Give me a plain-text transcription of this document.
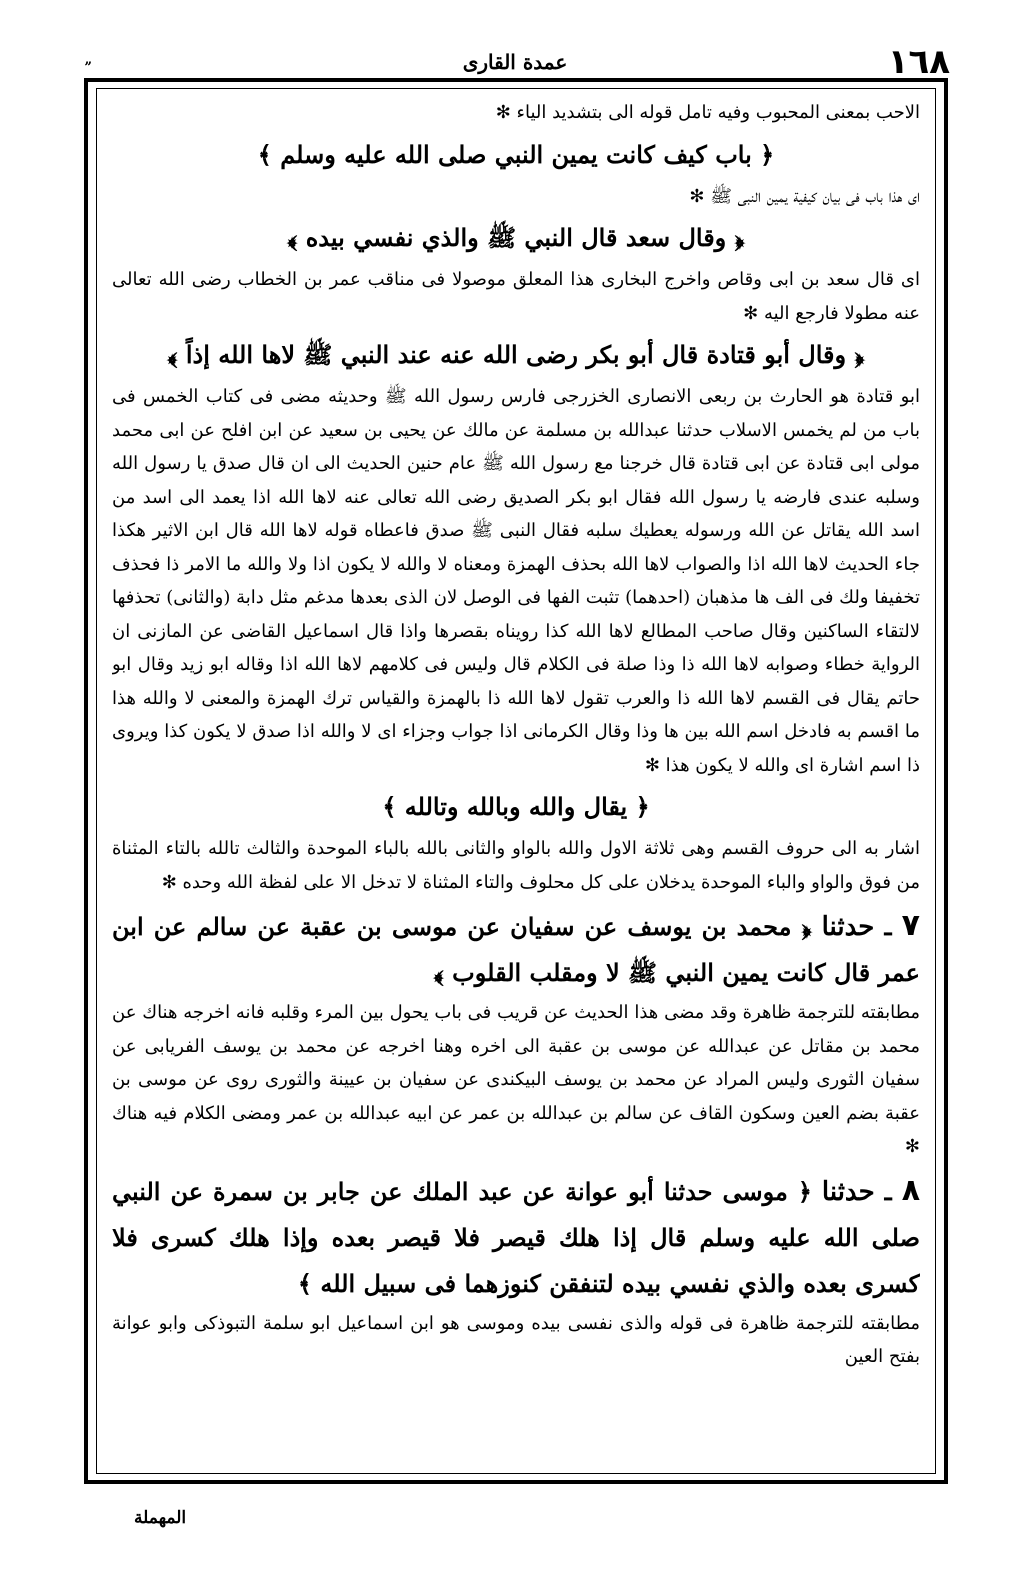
عمدة القارى	١٦٨
ˮ

الاحب بمعنى المحبوب وفيه تامل قوله الى بتشديد الياء ✻

﴿ باب كيف كانت يمين النبي صلى الله عليه وسلم ﴾

اى هذا باب فى بيان كيفية يمين النبى ﷺ ✻

﴿ وقال سعد قال النبي ﷺ والذي نفسي بيده ﴾

اى قال سعد بن ابى وقاص واخرج البخارى هذا المعلق موصولا فى مناقب عمر بن الخطاب رضى الله تعالى عنه مطولا فارجع اليه ✻

﴿ وقال أبو قتادة قال أبو بكر رضى الله عنه عند النبي ﷺ لاها الله إذاً ﴾

ابو قتادة هو الحارث بن ربعى الانصارى الخزرجى فارس رسول الله ﷺ وحديثه مضى فى كتاب الخمس فى باب من لم يخمس الاسلاب حدثنا عبدالله بن مسلمة عن مالك عن يحيى بن سعيد عن ابن افلح عن ابى محمد مولى ابى قتادة عن ابى قتادة قال خرجنا مع رسول الله ﷺ عام حنين الحديث الى ان قال صدق يا رسول الله وسلبه عندى فارضه يا رسول الله فقال ابو بكر الصديق رضى الله تعالى عنه لاها الله اذا يعمد الى اسد من اسد الله يقاتل عن الله ورسوله يعطيك سلبه فقال النبى ﷺ صدق فاعطاه قوله لاها الله قال ابن الاثير هكذا جاء الحديث لاها الله اذا والصواب لاها الله بحذف الهمزة ومعناه لا والله لا يكون اذا ولا والله ما الامر ذا فحذف تخفيفا ولك فى الف ها مذهبان (احدهما) تثبت الفها فى الوصل لان الذى بعدها مدغم مثل دابة (والثانى) تحذفها لالتقاء الساكنين وقال صاحب المطالع لاها الله كذا رويناه بقصرها واذا قال اسماعيل القاضى عن المازنى ان الرواية خطاء وصوابه لاها الله ذا وذا صلة فى الكلام قال وليس فى كلامهم لاها الله اذا وقاله ابو زيد وقال ابو حاتم يقال فى القسم لاها الله ذا والعرب تقول لاها الله ذا بالهمزة والقياس ترك الهمزة والمعنى لا والله هذا ما اقسم به فادخل اسم الله بين ها وذا وقال الكرمانى اذا جواب وجزاء اى لا والله اذا صدق لا يكون كذا ويروى ذا اسم اشارة اى والله لا يكون هذا ✻

﴿ يقال والله وبالله وتالله ﴾

اشار به الى حروف القسم وهى ثلاثة الاول والله بالواو والثانى بالله بالباء الموحدة والثالث تالله بالتاء المثناة من فوق والواو والباء الموحدة يدخلان على كل محلوف والتاء المثناة لا تدخل الا على لفظة الله وحده ✻

٧ ـ حدثنا ﴿ محمد بن يوسف عن سفيان عن موسى بن عقبة عن سالم عن ابن عمر قال كانت يمين النبي ﷺ لا ومقلب القلوب ﴾

مطابقته للترجمة ظاهرة وقد مضى هذا الحديث عن قريب فى باب يحول بين المرء وقلبه فانه اخرجه هناك عن محمد بن مقاتل عن عبدالله عن موسى بن عقبة الى اخره وهنا اخرجه عن محمد بن يوسف الفريابى عن سفيان الثورى وليس المراد عن محمد بن يوسف البيكندى عن سفيان بن عيينة والثورى روى عن موسى بن عقبة بضم العين وسكون القاف عن سالم بن عبدالله بن عمر عن ابيه عبدالله بن عمر ومضى الكلام فيه هناك ✻

٨ ـ حدثنا ﴿ موسى حدثنا أبو عوانة عن عبد الملك عن جابر بن سمرة عن النبي صلى الله عليه وسلم قال إذا هلك قيصر فلا قيصر بعده وإذا هلك كسرى فلا كسرى بعده والذي نفسي بيده لتنفقن كنوزهما فى سبيل الله ﴾

مطابقته للترجمة ظاهرة فى قوله والذى نفسى بيده وموسى هو ابن اسماعيل ابو سلمة التبوذكى وابو عوانة بفتح العين

المهملة
